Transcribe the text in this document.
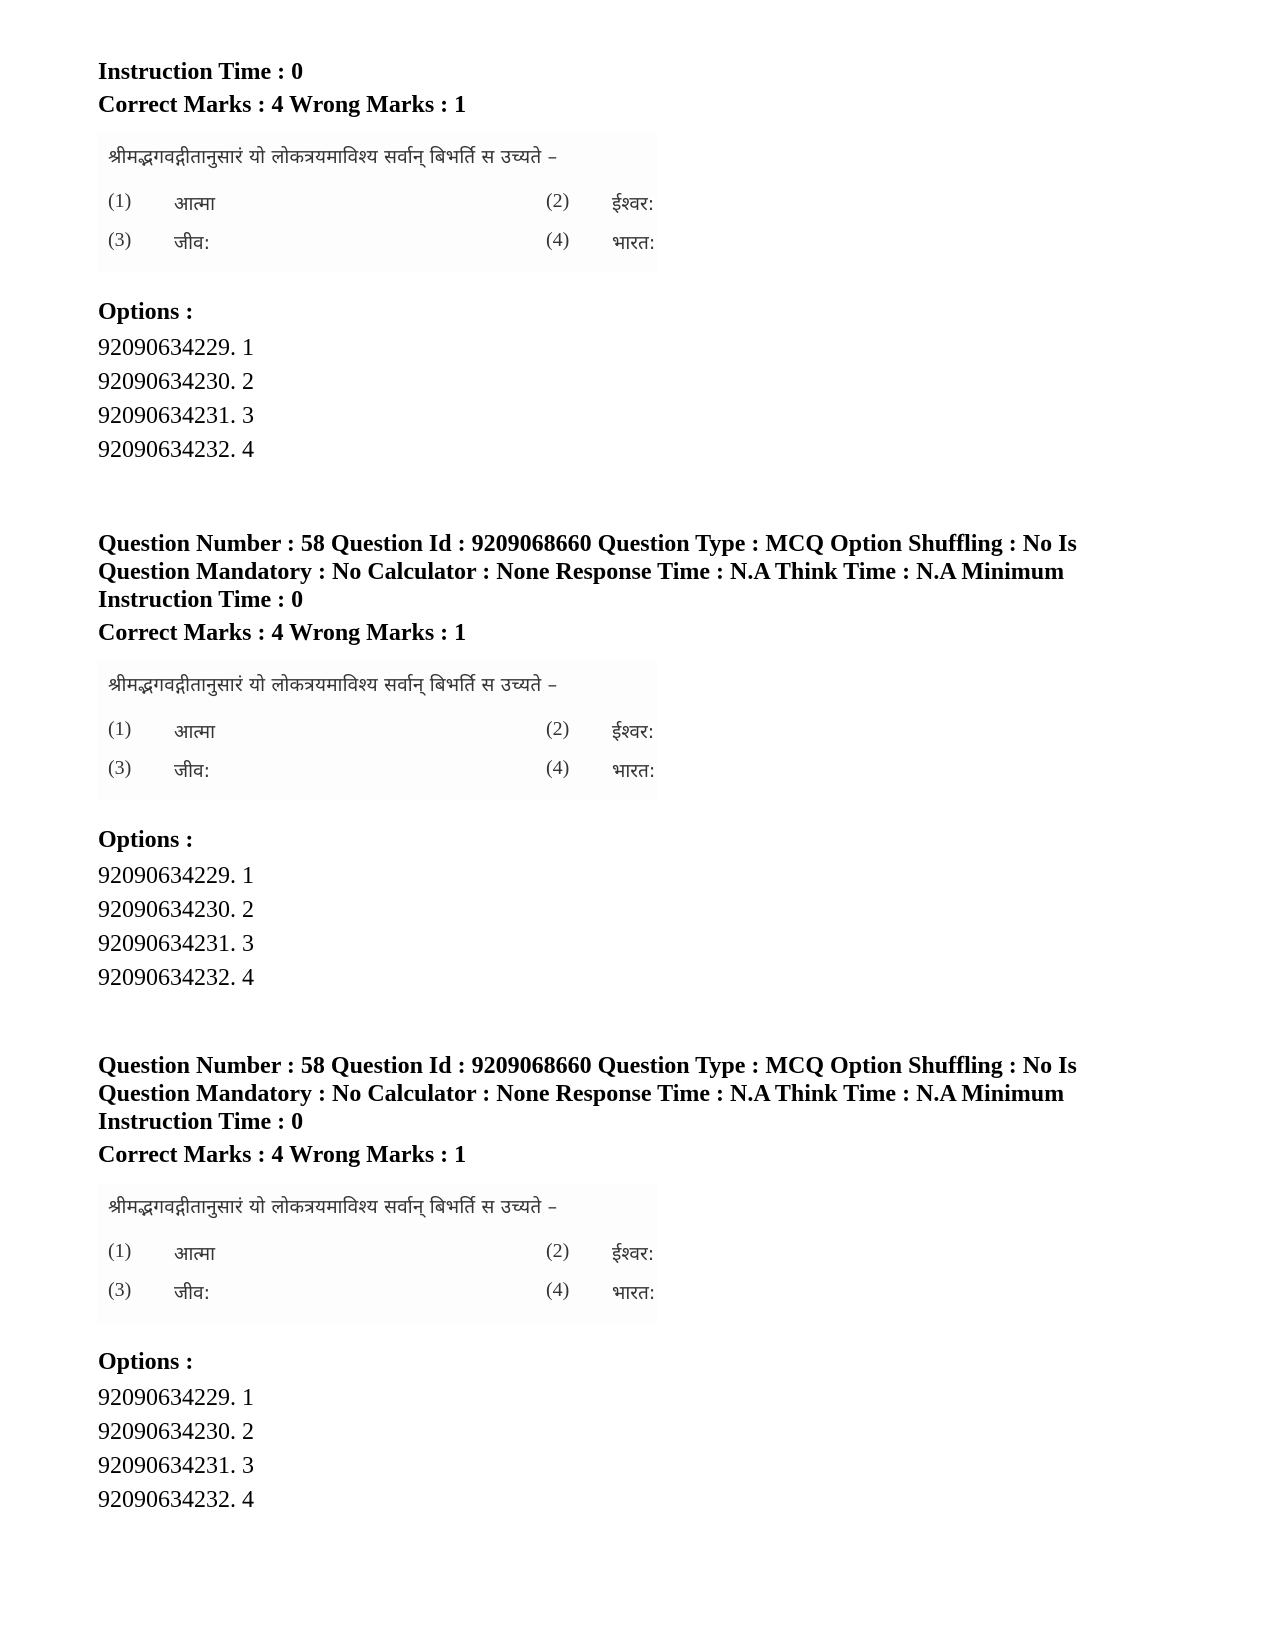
Instruction Time : 0

Correct Marks : 4 Wrong Marks : 1

श्रीमद्भगवद्गीतानुसारं यो लोकत्रयमाविश्य सर्वान् बिभर्ति स उच्यते –
(1) आत्मा	(2) ईश्वर:
(3) जीव:	(4) भारत:

Options :

92090634229. 1

92090634230. 2

92090634231. 3

92090634232. 4

Question Number : 58 Question Id : 9209068660 Question Type : MCQ Option Shuffling : No Is

Question Mandatory : No Calculator : None Response Time : N.A Think Time : N.A Minimum

Instruction Time : 0

Correct Marks : 4 Wrong Marks : 1

श्रीमद्भगवद्गीतानुसारं यो लोकत्रयमाविश्य सर्वान् बिभर्ति स उच्यते –
(1) आत्मा	(2) ईश्वर:
(3) जीव:	(4) भारत:

Options :

92090634229. 1

92090634230. 2

92090634231. 3

92090634232. 4

Question Number : 58 Question Id : 9209068660 Question Type : MCQ Option Shuffling : No Is

Question Mandatory : No Calculator : None Response Time : N.A Think Time : N.A Minimum

Instruction Time : 0

Correct Marks : 4 Wrong Marks : 1

श्रीमद्भगवद्गीतानुसारं यो लोकत्रयमाविश्य सर्वान् बिभर्ति स उच्यते –
(1) आत्मा	(2) ईश्वर:
(3) जीव:	(4) भारत:

Options :

92090634229. 1

92090634230. 2

92090634231. 3

92090634232. 4
